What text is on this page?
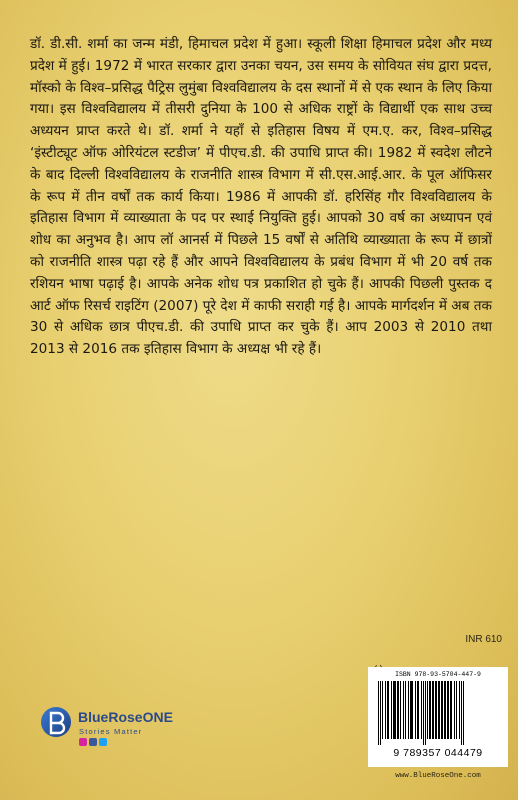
डॉ. डी.सी. शर्मा का जन्म मंडी, हिमाचल प्रदेश में हुआ। स्कूली शिक्षा हिमाचल प्रदेश और मध्य प्रदेश में हुई। 1972 में भारत सरकार द्वारा उनका चयन, उस समय के सोवियत संघ द्वारा प्रदत्त, मॉस्को के विश्व–प्रसिद्ध पैट्रिस लुमुंबा विश्वविद्यालय के दस स्थानों में से एक स्थान के लिए किया गया। इस विश्वविद्यालय में तीसरी दुनिया के 100 से अधिक राष्ट्रों के विद्यार्थी एक साथ उच्च अध्ययन प्राप्त करते थे। डॉ. शर्मा ने यहाँ से इतिहास विषय में एम.ए. कर, विश्व–प्रसिद्ध ‘इंस्टीट्यूट ऑफ ओरियंटल स्टडीज’ में पीएच.डी. की उपाधि प्राप्त की। 1982 में स्वदेश लौटने के बाद दिल्ली विश्वविद्यालय के राजनीति शास्त्र विभाग में सी.एस.आई.आर. के पूल ऑफिसर के रूप में तीन वर्षों तक कार्य किया। 1986 में आपकी डॉ. हरिसिंह गौर विश्वविद्यालय के इतिहास विभाग में व्याख्याता के पद पर स्थाई नियुक्ति हुई। आपको 30 वर्ष का अध्यापन एवं शोध का अनुभव है। आप लॉ आनर्स में पिछले 15 वर्षों से अतिथि व्याख्याता के रूप में छात्रों को राजनीति शास्त्र पढ़ा रहे हैं और आपने विश्वविद्यालय के प्रबंध विभाग में भी 20 वर्ष तक रशियन भाषा पढ़ाई है। आपके अनेक शोध पत्र प्रकाशित हो चुके हैं। आपकी पिछली पुस्तक द आर्ट ऑफ रिसर्च राइटिंग (2007) पूरे देश में काफी सराही गई है। आपके मार्गदर्शन में अब तक 30 से अधिक छात्र पीएच.डी. की उपाधि प्राप्त कर चुके हैं। आप 2003 से 2010 तथा 2013 से 2016 तक इतिहास विभाग के अध्यक्ष भी रहे हैं।

INR 610
ISBN 978-93-5704-447-9
9 789357 044479
www.BlueRoseOne.com
BlueRoseONE
Stories Matter
